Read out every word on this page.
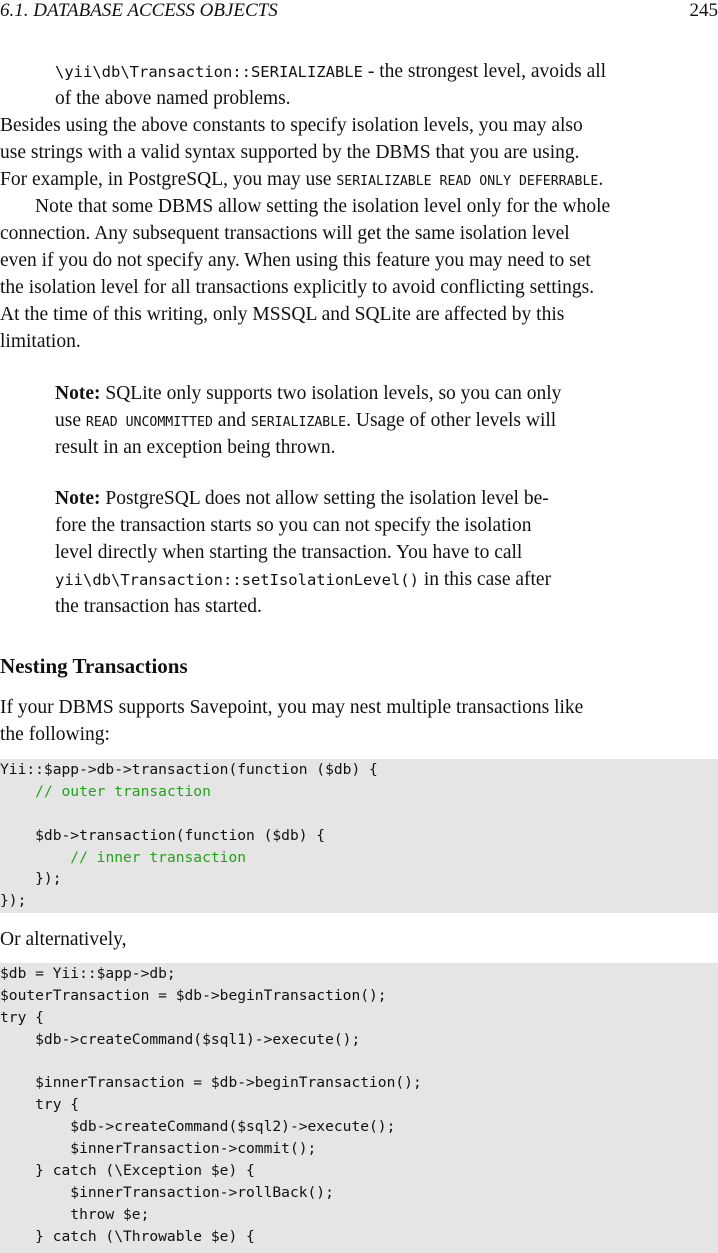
6.1. DATABASE ACCESS OBJECTS	245
\yii\db\Transaction::SERIALIZABLE - the strongest level, avoids all
of the above named problems.
Besides using the above constants to specify isolation levels, you may also
use strings with a valid syntax supported by the DBMS that you are using.
For example, in PostgreSQL, you may use SERIALIZABLE READ ONLY DEFERRABLE.
Note that some DBMS allow setting the isolation level only for the whole
connection. Any subsequent transactions will get the same isolation level
even if you do not specify any. When using this feature you may need to set
the isolation level for all transactions explicitly to avoid conflicting settings.
At the time of this writing, only MSSQL and SQLite are affected by this
limitation.
Note: SQLite only supports two isolation levels, so you can only
use READ UNCOMMITTED and SERIALIZABLE. Usage of other levels will
result in an exception being thrown.
Note: PostgreSQL does not allow setting the isolation level be-
fore the transaction starts so you can not specify the isolation
level directly when starting the transaction. You have to call
yii\db\Transaction::setIsolationLevel() in this case after
the transaction has started.
Nesting Transactions
If your DBMS supports Savepoint, you may nest multiple transactions like
the following:
Yii::$app->db->transaction(function ($db) {
// outer transaction
$db->transaction(function ($db) {
// inner transaction
});
});
Or alternatively,
$db = Yii::$app->db;
$outerTransaction = $db->beginTransaction();
try {
$db->createCommand($sql1)->execute();
$innerTransaction = $db->beginTransaction();
try {
$db->createCommand($sql2)->execute();
$innerTransaction->commit();
} catch (\Exception $e) {
$innerTransaction->rollBack();
throw $e;
} catch (\Throwable $e) {
